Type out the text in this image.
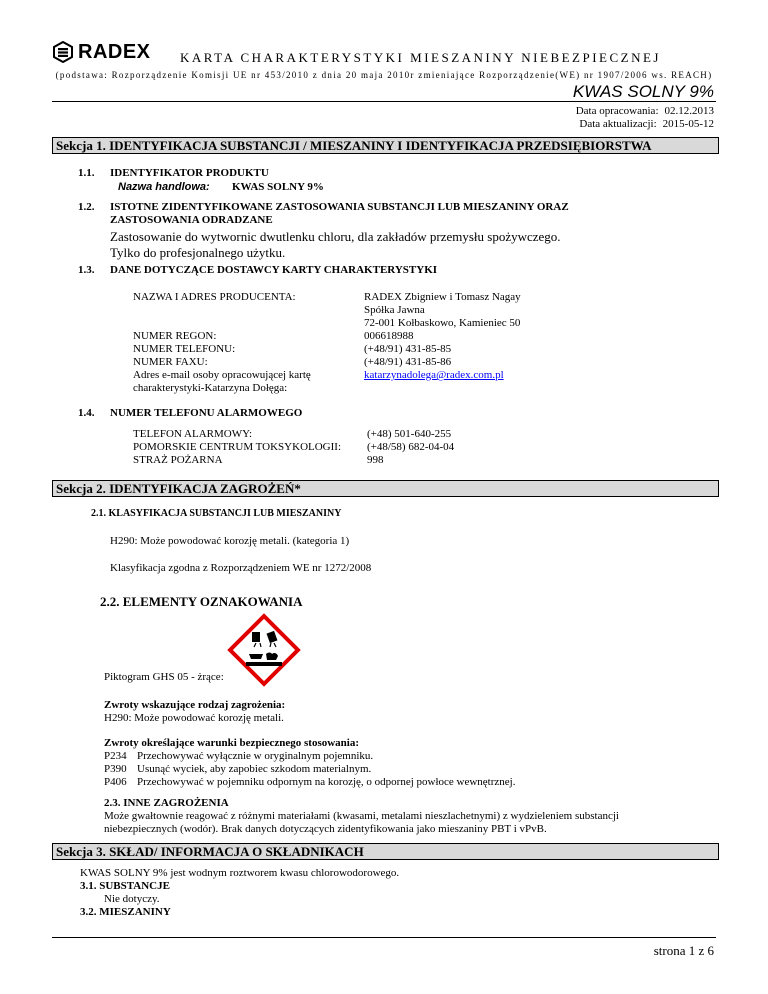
RADEX KARTA CHARAKTERYSTYKI MIESZANINY NIEBEZPIECZNEJ
(podstawa: Rozporządzenie Komisji UE nr 453/2010 z dnia 20 maja 2010r zmieniające Rozporządzenie(WE) nr 1907/2006 ws. REACH)
KWAS SOLNY 9%
Data opracowania: 02.12.2013
Data aktualizacji: 2015-05-12
Sekcja 1. IDENTYFIKACJA SUBSTANCJI / MIESZANINY I IDENTYFIKACJA PRZEDSIĘBIORSTWA
1.1. IDENTYFIKATOR PRODUKTU
Nazwa handlowa: KWAS SOLNY 9%
1.2. ISTOTNE ZIDENTYFIKOWANE ZASTOSOWANIA SUBSTANCJI LUB MIESZANINY ORAZ
ZASTOSOWANIA ODRADZANE
Zastosowanie do wytwornic dwutlenku chloru, dla zakładów przemysłu spożywczego.
Tylko do profesjonalnego użytku.
1.3. DANE DOTYCZĄCE DOSTAWCY KARTY CHARAKTERYSTYKI
NAZWA I ADRES PRODUCENTA:
NUMER REGON:
NUMER TELEFONU:
NUMER FAXU:
Adres e-mail osoby opracowującej kartę
charakterystyki-Katarzyna Dołęga:
RADEX Zbigniew i Tomasz Nagay
Spółka Jawna
72-001 Kołbaskowo, Kamieniec 50
006618988
(+48/91) 431-85-85
(+48/91) 431-85-86
katarzynadolega@radex.com.pl
1.4. NUMER TELEFONU ALARMOWEGO
TELEFON ALARMOWY:
POMORSKIE CENTRUM TOKSYKOLOGII:
STRAŻ POŻARNA
(+48) 501-640-255
(+48/58) 682-04-04
998
Sekcja 2. IDENTYFIKACJA ZAGROŻEŃ*
2.1. KLASYFIKACJA SUBSTANCJI LUB MIESZANINY
H290: Może powodować korozję metali. (kategoria 1)
Klasyfikacja zgodna z Rozporządzeniem WE nr 1272/2008
2.2. ELEMENTY OZNAKOWANIA
Piktogram GHS 05 - żrące:
Zwroty wskazujące rodzaj zagrożenia:
H290: Może powodować korozję metali.
Zwroty określające warunki bezpiecznego stosowania:
P234 Przechowywać wyłącznie w oryginalnym pojemniku.
P390 Usunąć wyciek, aby zapobiec szkodom materialnym.
P406 Przechowywać w pojemniku odpornym na korozję, o odpornej powłoce wewnętrznej.
2.3. INNE ZAGROŻENIA
Może gwałtownie reagować z różnymi materiałami (kwasami, metalami nieszlachetnymi) z wydzieleniem substancji
niebezpiecznych (wodór). Brak danych dotyczących zidentyfikowania jako mieszaniny PBT i vPvB.
Sekcja 3. SKŁAD/ INFORMACJA O SKŁADNIKACH
KWAS SOLNY 9% jest wodnym roztworem kwasu chlorowodorowego.
3.1. SUBSTANCJE
Nie dotyczy.
3.2. MIESZANINY
strona 1 z 6
